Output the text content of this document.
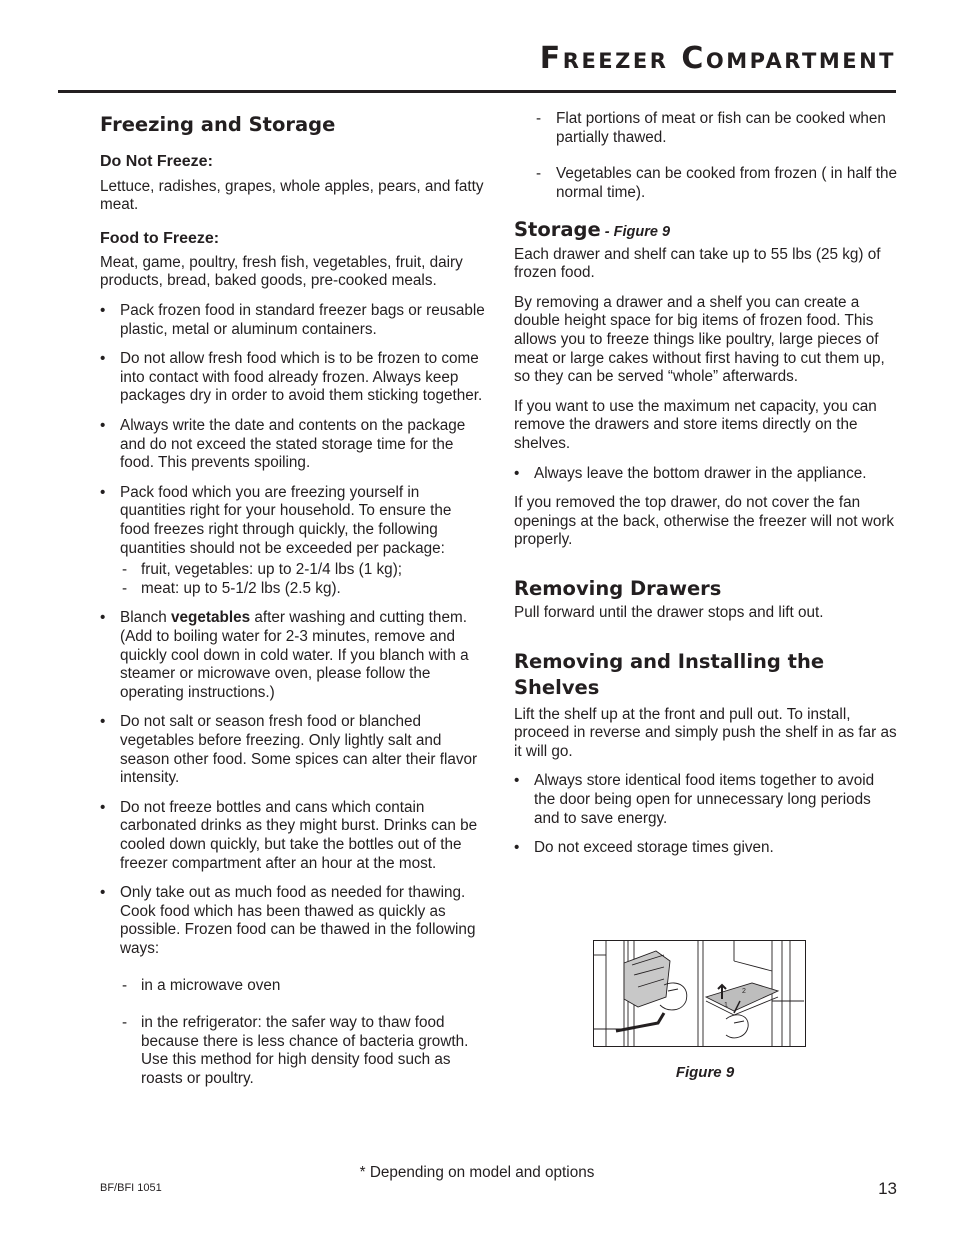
Freezer Compartment
Freezing and Storage
Do Not Freeze:

Lettuce, radishes, grapes, whole apples, pears, and fatty meat.

Food to Freeze:

Meat, game, poultry, fresh fish, vegetables, fruit, dairy products, bread, baked goods, pre-cooked meals.

• Pack frozen food in standard freezer bags or reusable plastic, metal or aluminum containers.
• Do not allow fresh food which is to be frozen to come into contact with food already frozen. Always keep packages dry in order to avoid them sticking together.
• Always write the date and contents on the package and do not exceed the stated storage time for the food. This prevents spoiling.
• Pack food which you are freezing yourself in quantities right for your household. To ensure the food freezes right through quickly, the following quantities should not be exceeded per package:
- fruit, vegetables: up to 2-1/4 lbs (1 kg);
- meat: up to 5-1/2 lbs (2.5 kg).
• Blanch vegetables after washing and cutting them. (Add to boiling water for 2-3 minutes, remove and quickly cool down in cold water. If you blanch with a steamer or microwave oven, please follow the operating instructions.)
• Do not salt or season fresh food or blanched vegetables before freezing. Only lightly salt and season other food. Some spices can alter their flavor intensity.
• Do not freeze bottles and cans which contain carbonated drinks as they might burst. Drinks can be cooled down quickly, but take the bottles out of the freezer compartment after an hour at the most.
• Only take out as much food as needed for thawing. Cook food which has been thawed as quickly as possible. Frozen food can be thawed in the following ways:
- in a microwave oven
- in the refrigerator: the safer way to thaw food because there is less chance of bacteria growth. Use this method for high density food such as roasts or poultry.
- Flat portions of meat or fish can be cooked when partially thawed.
- Vegetables can be cooked from frozen ( in half the normal time).
Storage - Figure 9

Each drawer and shelf can take up to 55 lbs (25 kg) of frozen food.

By removing a drawer and a shelf you can create a double height space for big items of frozen food. This allows you to freeze things like poultry, large pieces of meat or large cakes without first having to cut them up, so they can be served “whole” afterwards.

If you want to use the maximum net capacity, you can remove the drawers and store items directly on the shelves.

• Always leave the bottom drawer in the appliance.

If you removed the top drawer, do not cover the fan openings at the back, otherwise the freezer will not work properly.

Removing Drawers

Pull forward until the drawer stops and lift out.

Removing and Installing the Shelves

Lift the shelf up at the front and pull out. To install, proceed in reverse and simply push the shelf in as far as it will go.

• Always store identical food items together to avoid the door being open for unnecessary long periods and to save energy.
• Do not exceed storage times given.
2
1
Figure 9
* Depending on model and options
BF/BFI 1051	13
